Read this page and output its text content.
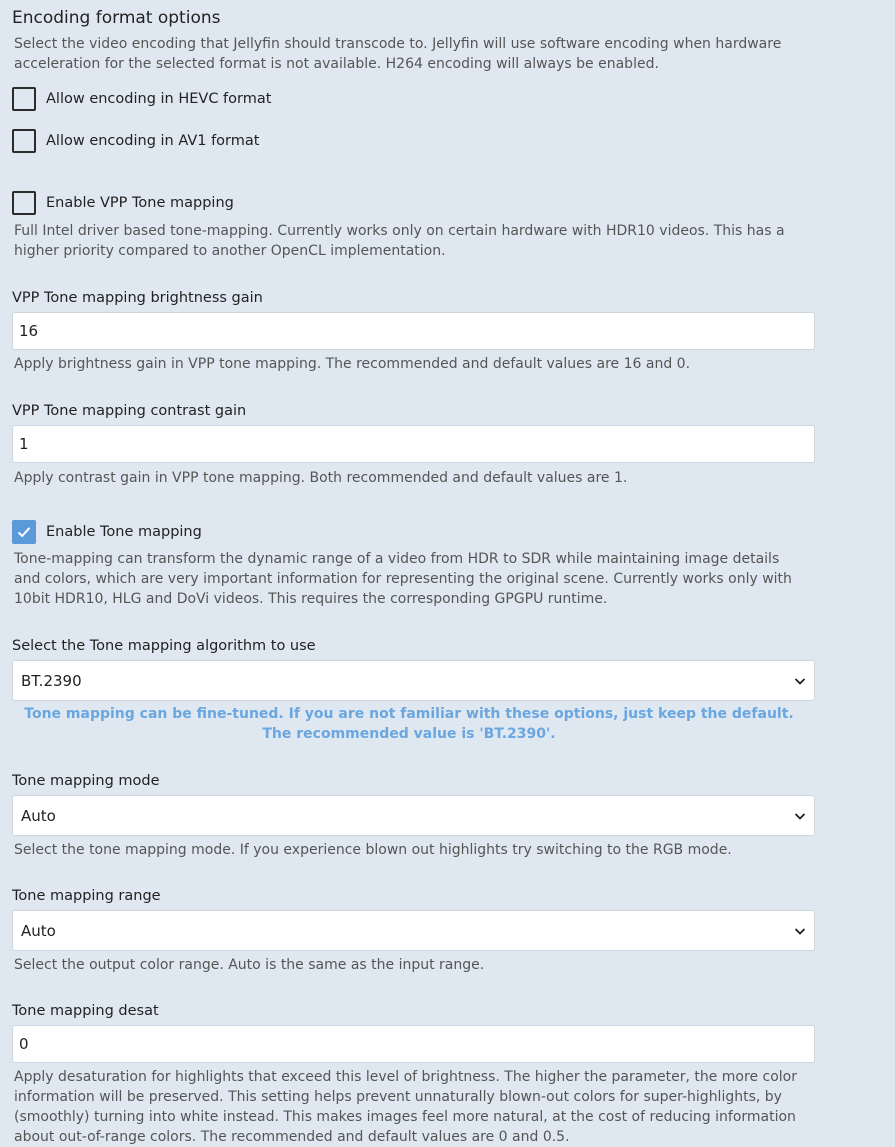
Encoding format options
Select the video encoding that Jellyfin should transcode to. Jellyfin will use software encoding when hardware acceleration for the selected format is not available. H264 encoding will always be enabled.
Allow encoding in HEVC format
Allow encoding in AV1 format
Enable VPP Tone mapping
Full Intel driver based tone-mapping. Currently works only on certain hardware with HDR10 videos. This has a higher priority compared to another OpenCL implementation.
VPP Tone mapping brightness gain
16
Apply brightness gain in VPP tone mapping. The recommended and default values are 16 and 0.
VPP Tone mapping contrast gain
1
Apply contrast gain in VPP tone mapping. Both recommended and default values are 1.
Enable Tone mapping
Tone-mapping can transform the dynamic range of a video from HDR to SDR while maintaining image details and colors, which are very important information for representing the original scene. Currently works only with 10bit HDR10, HLG and DoVi videos. This requires the corresponding GPGPU runtime.
Select the Tone mapping algorithm to use
BT.2390
Tone mapping can be fine-tuned. If you are not familiar with these options, just keep the default. The recommended value is 'BT.2390'.
Tone mapping mode
Auto
Select the tone mapping mode. If you experience blown out highlights try switching to the RGB mode.
Tone mapping range
Auto
Select the output color range. Auto is the same as the input range.
Tone mapping desat
0
Apply desaturation for highlights that exceed this level of brightness. The higher the parameter, the more color information will be preserved. This setting helps prevent unnaturally blown-out colors for super-highlights, by (smoothly) turning into white instead. This makes images feel more natural, at the cost of reducing information about out-of-range colors. The recommended and default values are 0 and 0.5.
